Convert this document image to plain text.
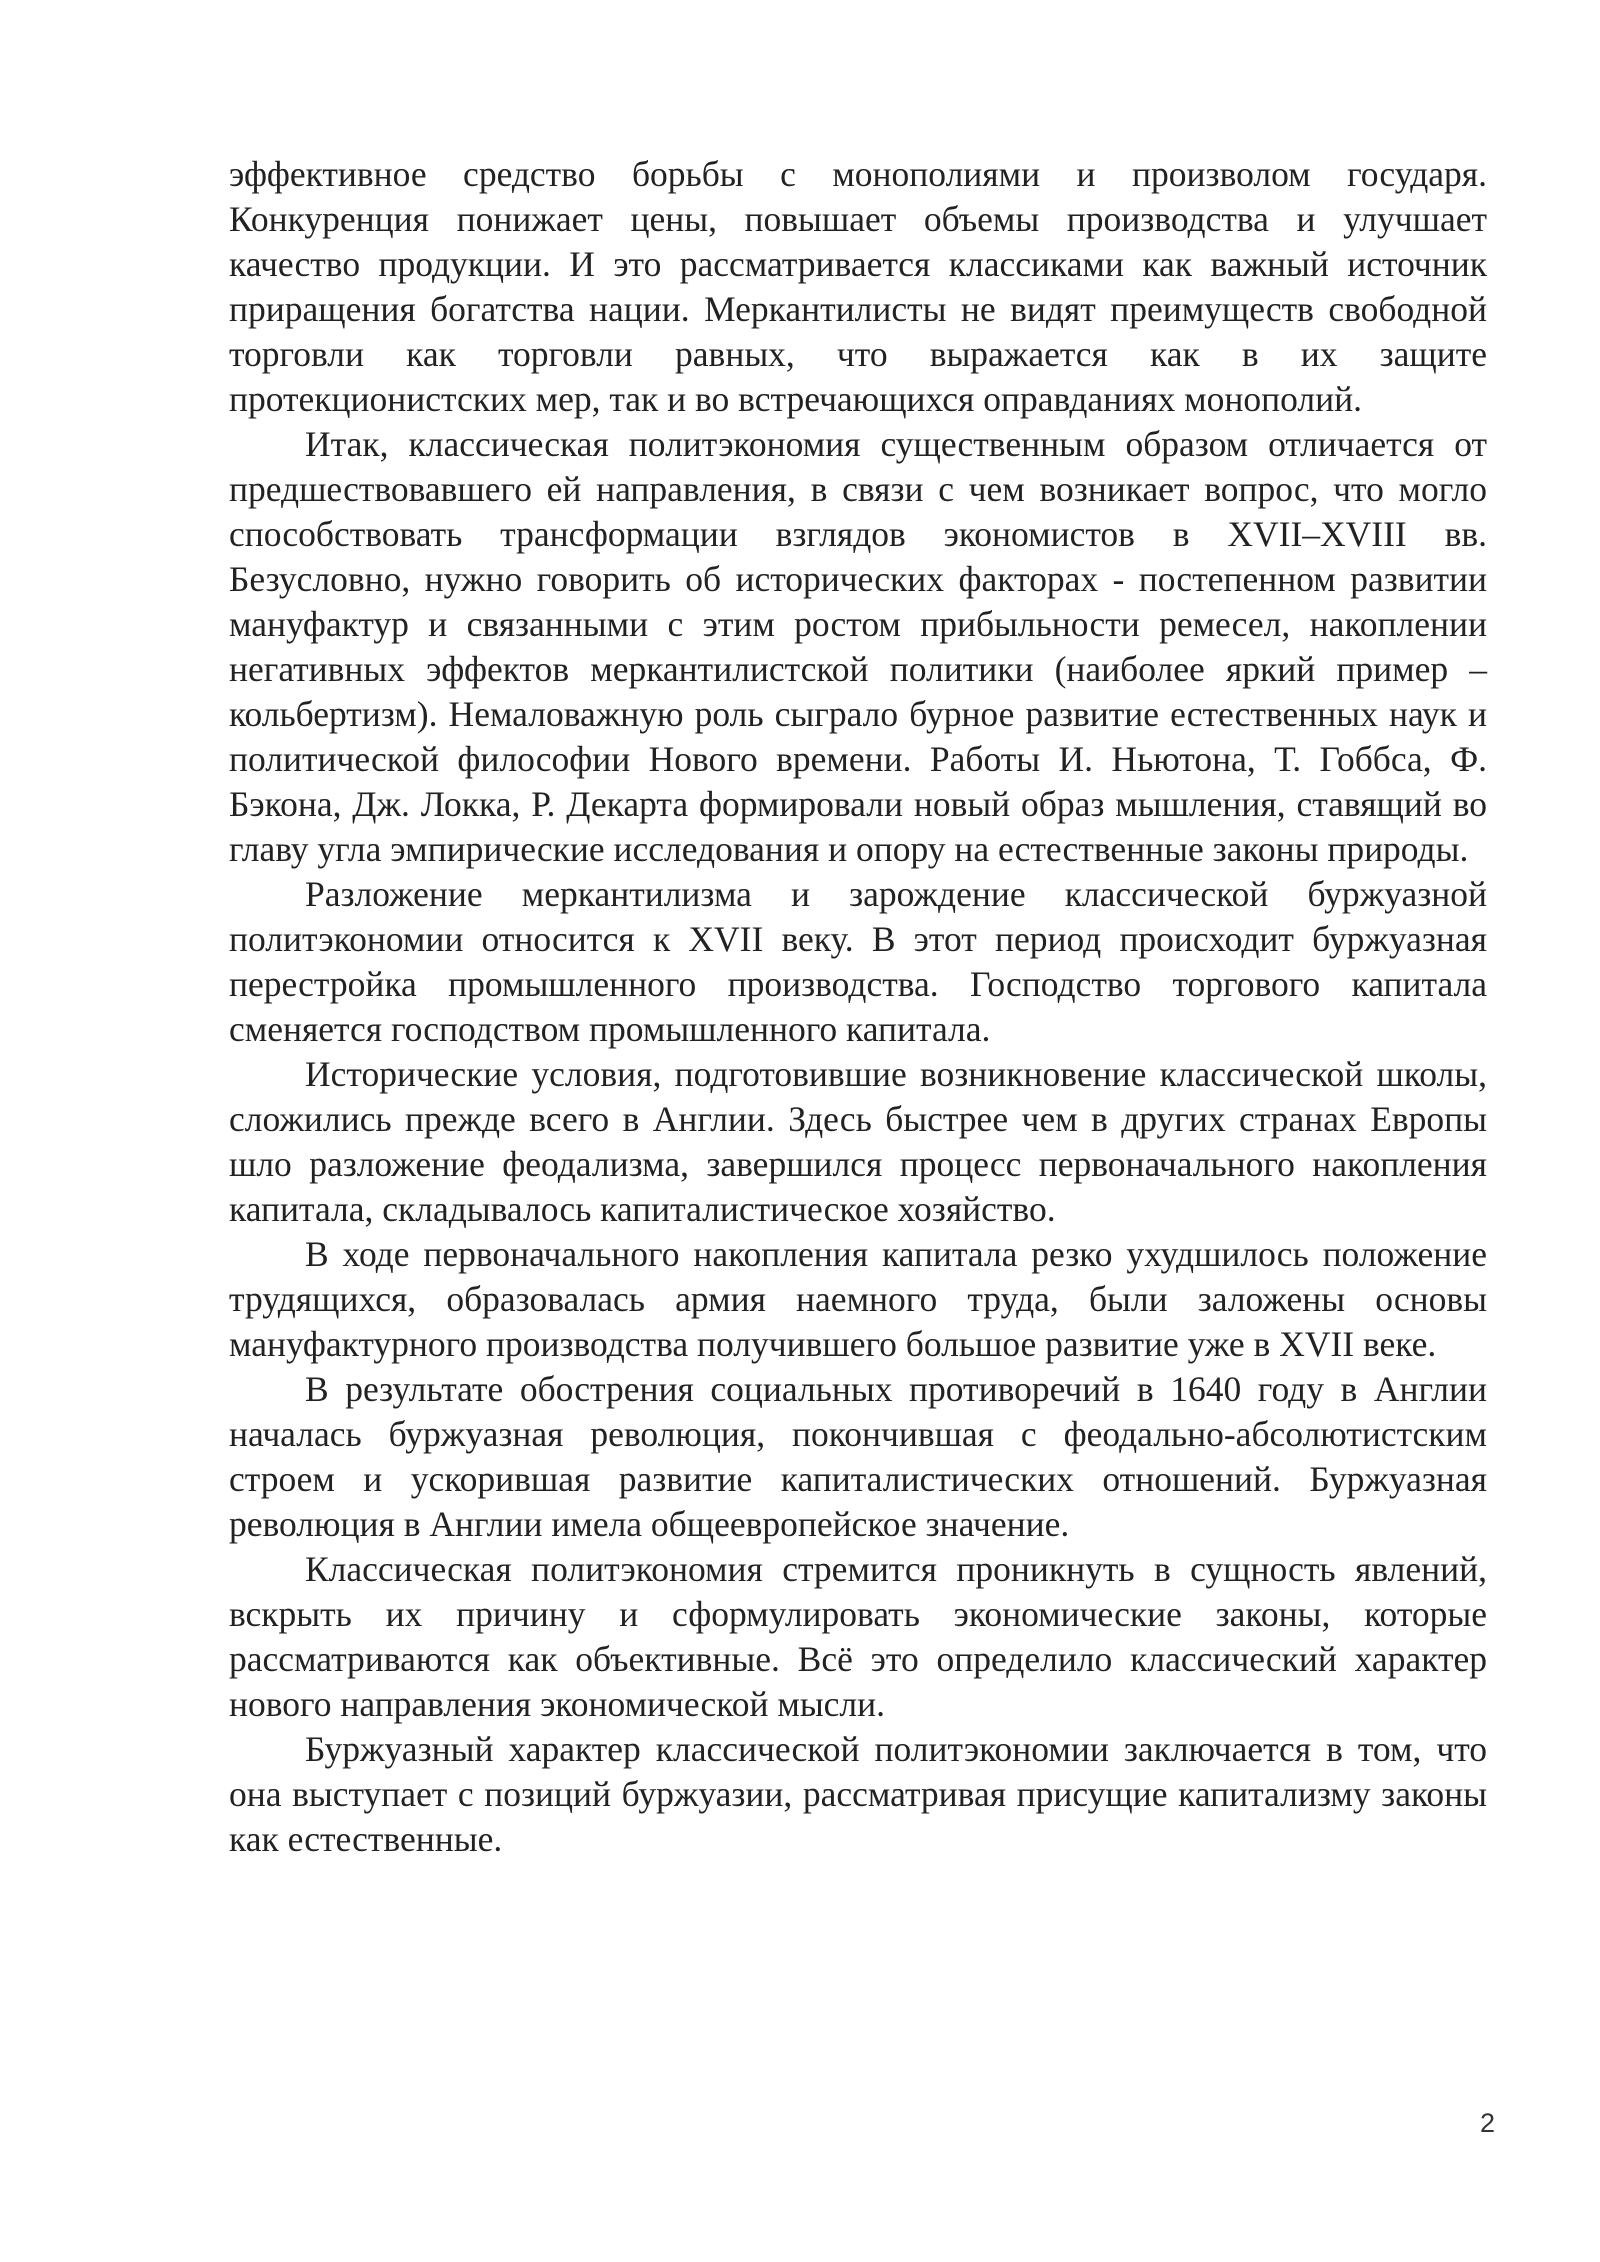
эффективное средство борьбы с монополиями и произволом государя. Конкуренция понижает цены, повышает объемы производства и улучшает качество продукции. И это рассматривается классиками как важный источник приращения богатства нации. Меркантилисты не видят преимуществ свободной торговли как торговли равных, что выражается как в их защите протекционистских мер, так и во встречающихся оправданиях монополий.

Итак, классическая политэкономия существенным образом отличается от предшествовавшего ей направления, в связи с чем возникает вопрос, что могло способствовать трансформации взглядов экономистов в XVII–XVIII вв. Безусловно, нужно говорить об исторических факторах - постепенном развитии мануфактур и связанными с этим ростом прибыльности ремесел, накоплении негативных эффектов меркантилистской политики (наиболее яркий пример – кольбертизм). Немаловажную роль сыграло бурное развитие естественных наук и политической философии Нового времени. Работы И. Ньютона, Т. Гоббса, Ф. Бэкона, Дж. Локка, Р. Декарта формировали новый образ мышления, ставящий во главу угла эмпирические исследования и опору на естественные законы природы.

Разложение меркантилизма и зарождение классической буржуазной политэкономии относится к XVII веку. В этот период происходит буржуазная перестройка промышленного производства. Господство торгового капитала сменяется господством промышленного капитала.

Исторические условия, подготовившие возникновение классической школы, сложились прежде всего в Англии. Здесь быстрее чем в других странах Европы шло разложение феодализма, завершился процесс первоначального накопления капитала, складывалось капиталистическое хозяйство.

В ходе первоначального накопления капитала резко ухудшилось положение трудящихся, образовалась армия наемного труда, были заложены основы мануфактурного производства получившего большое развитие уже в XVII веке.

В результате обострения социальных противоречий в 1640 году в Англии началась буржуазная революция, покончившая с феодально-абсолютистским строем и ускорившая развитие капиталистических отношений. Буржуазная революция в Англии имела общеевропейское значение.

Классическая политэкономия стремится проникнуть в сущность явлений, вскрыть их причину и сформулировать экономические законы, которые рассматриваются как объективные. Всё это определило классический характер нового направления экономической мысли.

Буржуазный характер классической политэкономии заключается в том, что она выступает с позиций буржуазии, рассматривая присущие капитализму законы как естественные.

2
